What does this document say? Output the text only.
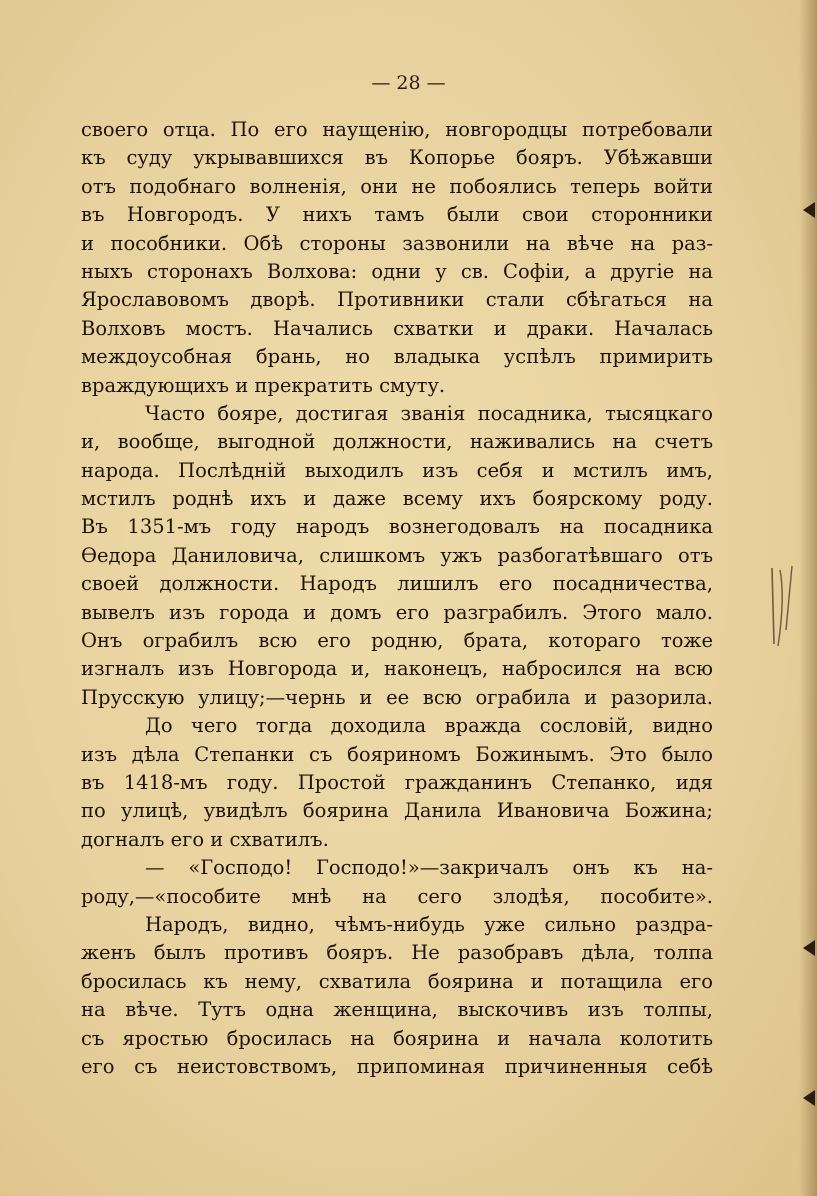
— 28 —
своего отца. По его наущенію, новгородцы потребовали
къ суду укрывавшихся въ Копорье бояръ. Убѣжавши
отъ подобнаго волненія, они не побоялись теперь войти
въ Новгородъ. У нихъ тамъ были свои сторонники
и пособники. Обѣ стороны зазвонили на вѣче на раз-
ныхъ сторонахъ Волхова: одни у св. Софіи, а другіе на
Ярославовомъ дворѣ. Противники стали сбѣгаться на
Волховъ мостъ. Начались схватки и драки. Началась
междоусобная брань, но владыка успѣлъ примирить
враждующихъ и прекратить смуту.
Часто бояре, достигая званія посадника, тысяцкаго
и, вообще, выгодной должности, наживались на счетъ
народа. Послѣдній выходилъ изъ себя и мстилъ имъ,
мстилъ роднѣ ихъ и даже всему ихъ боярскому роду.
Въ 1351-мъ году народъ вознегодовалъ на посадника
Өедора Даниловича, слишкомъ ужъ разбогатѣвшаго отъ
своей должности. Народъ лишилъ его посадничества,
вывелъ изъ города и домъ его разграбилъ. Этого мало.
Онъ ограбилъ всю его родню, брата, котораго тоже
изгналъ изъ Новгорода и, наконецъ, набросился на всю
Прусскую улицу;—чернь и ее всю ограбила и разорила.
До чего тогда доходила вражда сословій, видно
изъ дѣла Степанки съ бояриномъ Божинымъ. Это было
въ 1418-мъ году. Простой гражданинъ Степанко, идя
по улицѣ, увидѣлъ боярина Данила Ивановича Божина;
догналъ его и схватилъ.
— «Господо! Господо!»—закричалъ онъ къ на-
роду,—«пособите мнѣ на сего злодѣя, пособите».
Народъ, видно, чѣмъ-нибудь уже сильно раздра-
женъ былъ противъ бояръ. Не разобравъ дѣла, толпа
бросилась къ нему, схватила боярина и потащила его
на вѣче. Тутъ одна женщина, выскочивъ изъ толпы,
съ яростью бросилась на боярина и начала колотить
его съ неистовствомъ, припоминая причиненныя себѣ
